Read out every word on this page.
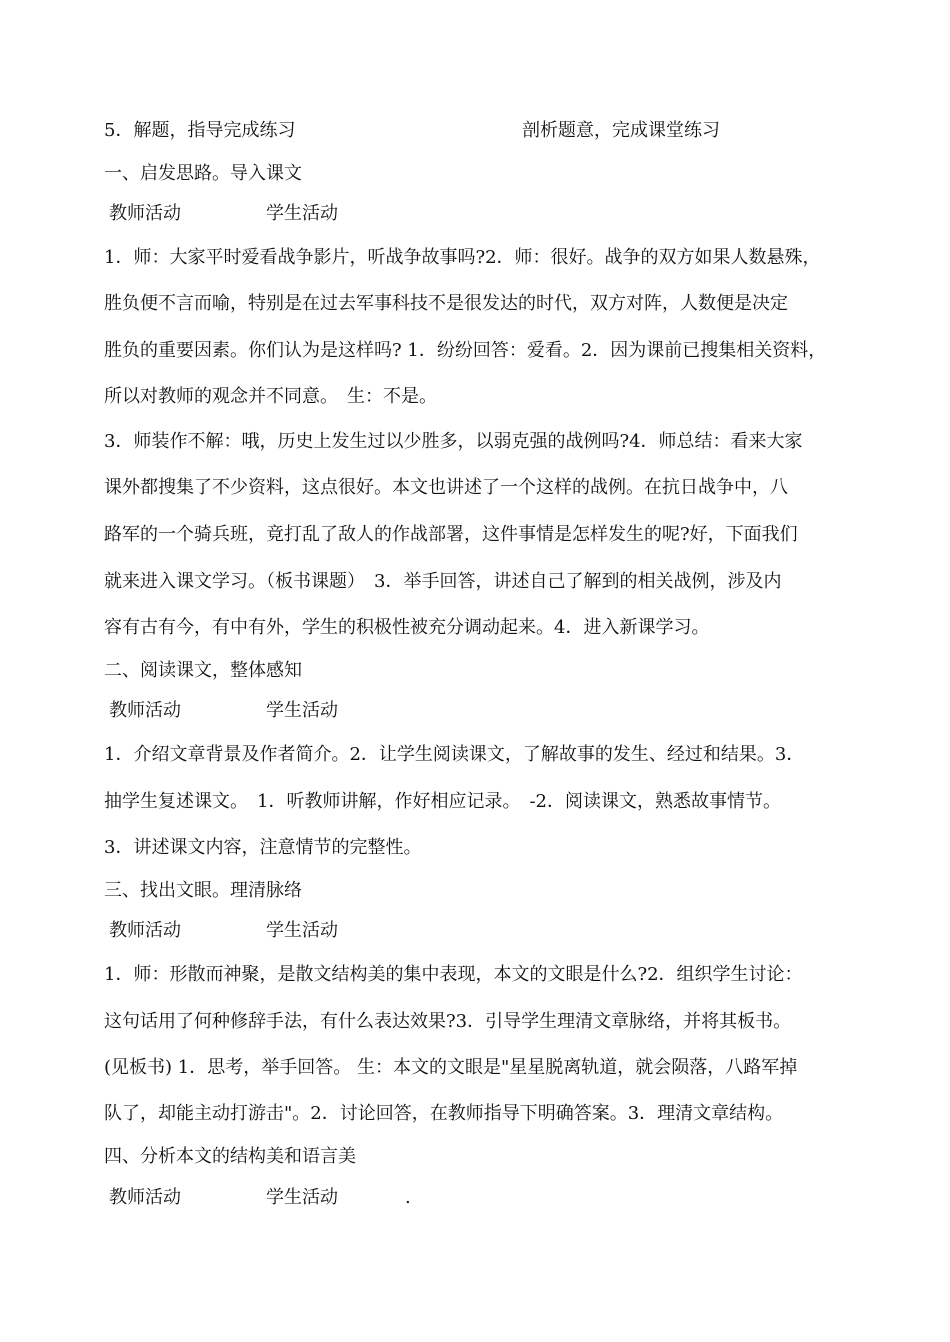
5．解题，指导完成练习	剖析题意，完成课堂练习
一、启发思路。导入课文
教师活动	学生活动
1．师：大家平时爱看战争影片，听战争故事吗?2．师：很好。战争的双方如果人数悬殊，
胜负便不言而喻，特别是在过去军事科技不是很发达的时代，双方对阵，人数便是决定
胜负的重要因素。你们认为是这样吗? 1．纷纷回答：爱看。2．因为课前已搜集相关资料，
所以对教师的观念并不同意。　生：不是。
3．师装作不解：哦，历史上发生过以少胜多，以弱克强的战例吗?4．师总结：看来大家
课外都搜集了不少资料，这点很好。本文也讲述了一个这样的战例。在抗日战争中，八
路军的一个骑兵班，竟打乱了敌人的作战部署，这件事情是怎样发生的呢?好，下面我们
就来进入课文学习。（板书课题）　3．举手回答，讲述自己了解到的相关战例，涉及内
容有古有今，有中有外，学生的积极性被充分调动起来。4．进入新课学习。
二、阅读课文，整体感知
教师活动	学生活动
1．介绍文章背景及作者简介。2．让学生阅读课文，了解故事的发生、经过和结果。3．
抽学生复述课文。　1．听教师讲解，作好相应记录。　-2．阅读课文，熟悉故事情节。
3．讲述课文内容，注意情节的完整性。
三、找出文眼。理清脉络
教师活动	学生活动
1．师：形散而神聚，是散文结构美的集中表现，本文的文眼是什么?2．组织学生讨论：
这句话用了何种修辞手法，有什么表达效果?3．引导学生理清文章脉络，并将其板书。
(见板书) 1．思考，举手回答。 生：本文的文眼是"星星脱离轨道，就会陨落，八路军掉
队了，却能主动打游击"。2．讨论回答，在教师指导下明确答案。3．理清文章结构。
四、分析本文的结构美和语言美
教师活动	学生活动	.
